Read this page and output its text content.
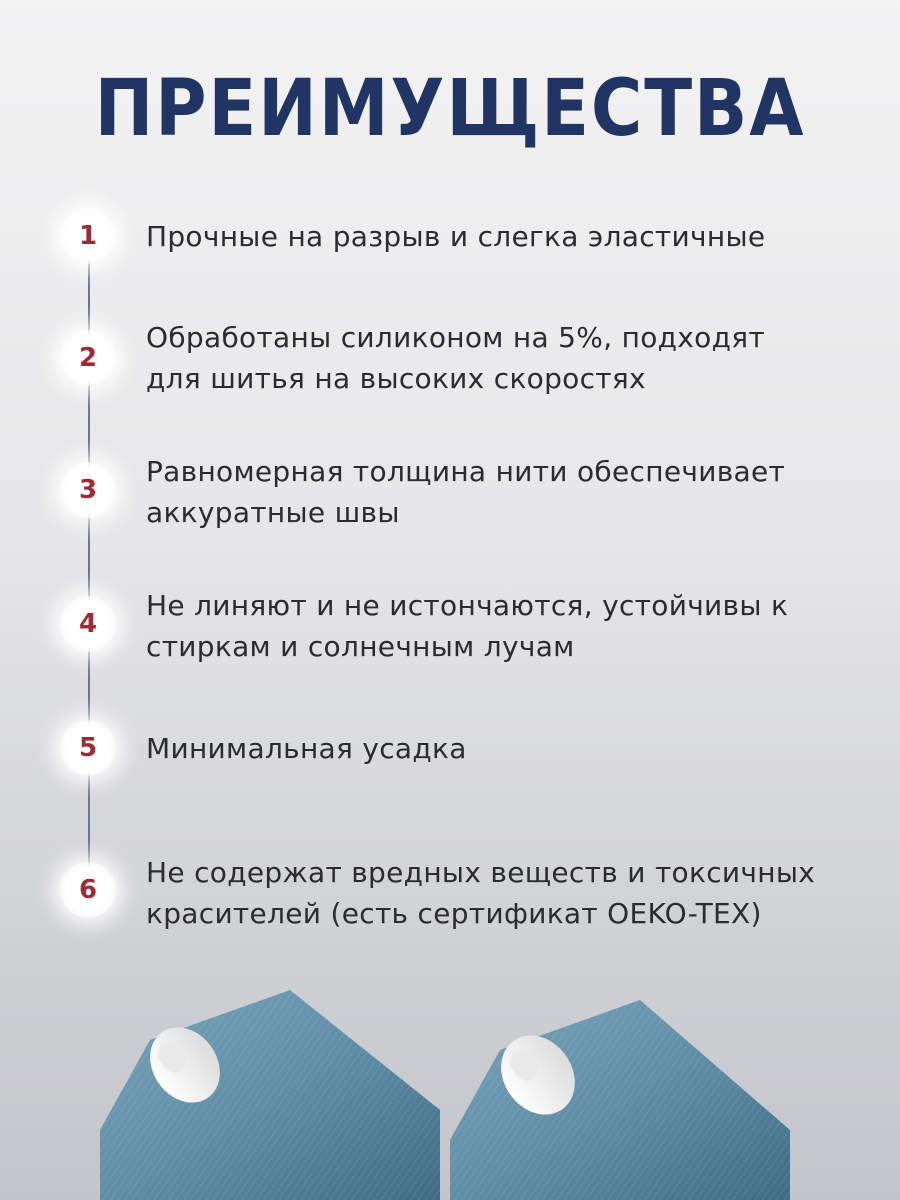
ПРЕИМУЩЕСТВА
1	Прочные на разрыв и слегка эластичные
2
Обработаны силиконом на 5%, подходят для шитья на высоких скоростях
3
Равномерная толщина нити обеспечивает аккуратные швы
4
Не линяют и не истончаются, устойчивы к стиркам и солнечным лучам
5	Минимальная усадка
6
Не содержат вредных веществ и токсичных красителей (есть сертификат OEKO-TEX)
